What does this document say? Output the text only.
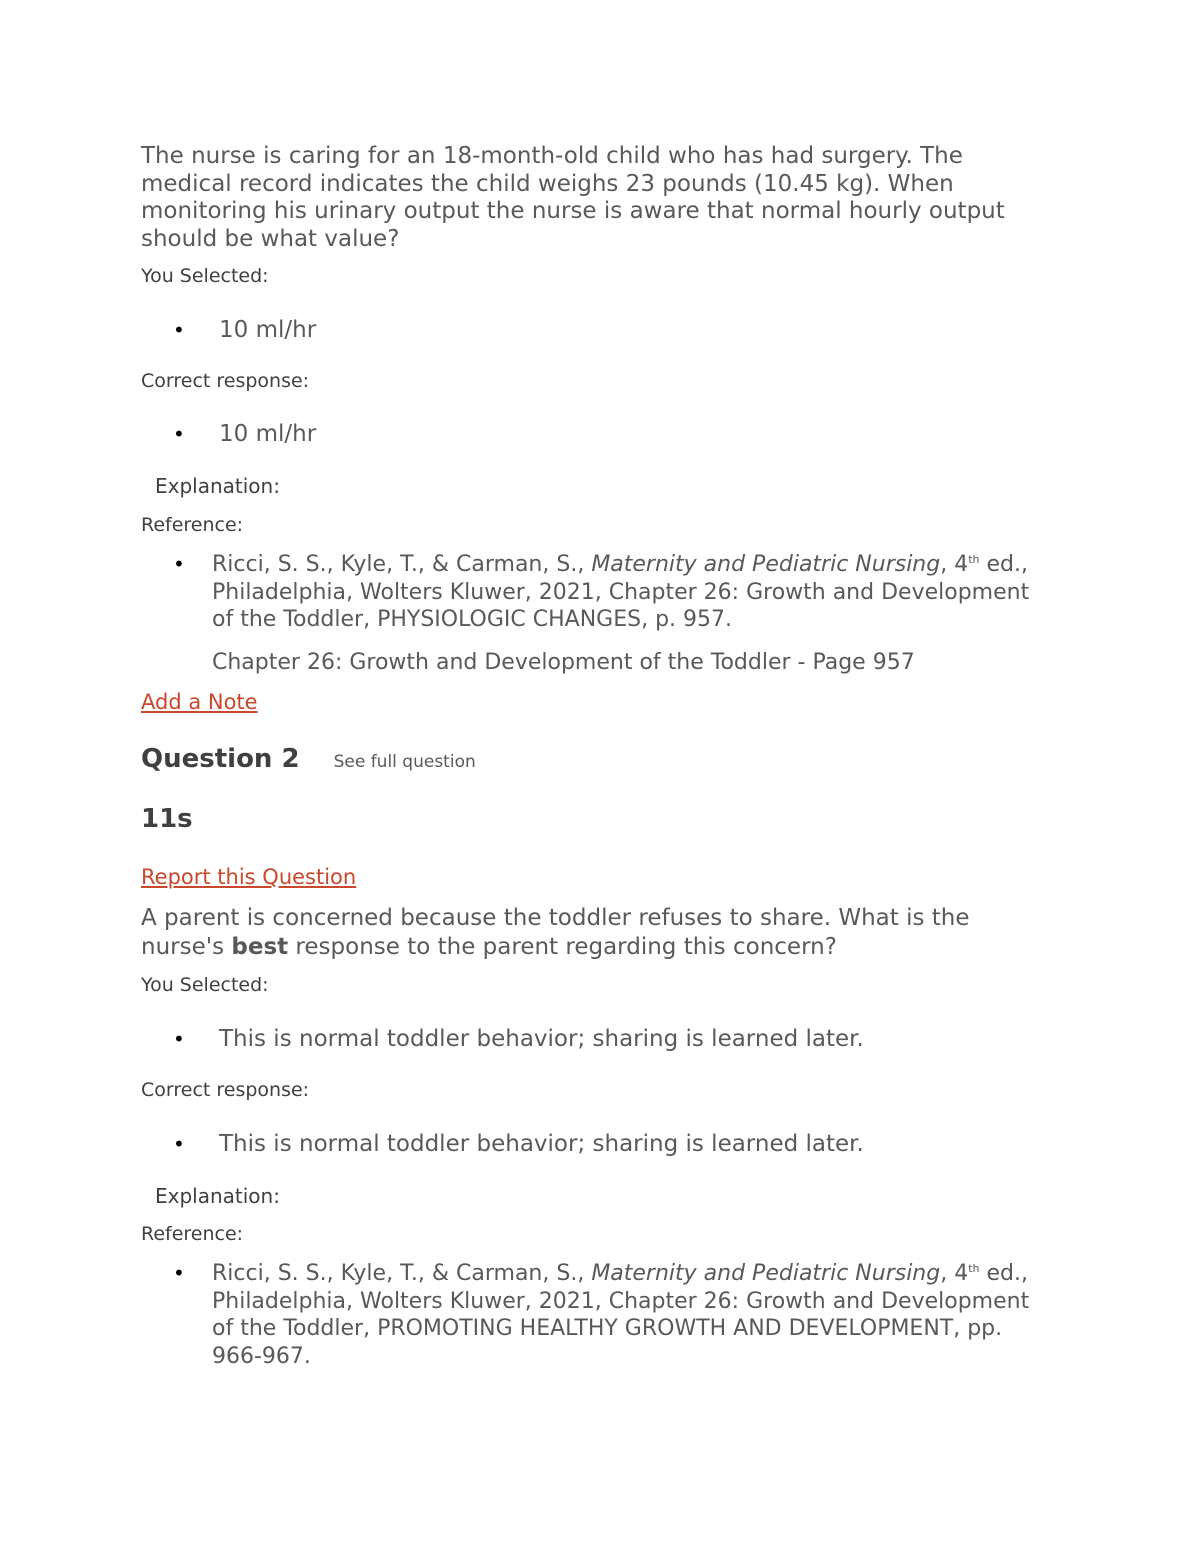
The nurse is caring for an 18-month-old child who has had surgery. The medical record indicates the child weighs 23 pounds (10.45 kg). When monitoring his urinary output the nurse is aware that normal hourly output should be what value?

You Selected:

• 10 ml/hr

Correct response:

• 10 ml/hr

Explanation:

Reference:

• Ricci, S. S., Kyle, T., & Carman, S., Maternity and Pediatric Nursing, 4th ed., Philadelphia, Wolters Kluwer, 2021, Chapter 26: Growth and Development of the Toddler, PHYSIOLOGIC CHANGES, p. 957.
Chapter 26: Growth and Development of the Toddler - Page 957
Add a Note
Question 2 See full question
11s
Report this Question

A parent is concerned because the toddler refuses to share. What is the nurse's best response to the parent regarding this concern?

You Selected:

• This is normal toddler behavior; sharing is learned later.

Correct response:

• This is normal toddler behavior; sharing is learned later.

Explanation:

Reference:

• Ricci, S. S., Kyle, T., & Carman, S., Maternity and Pediatric Nursing, 4th ed., Philadelphia, Wolters Kluwer, 2021, Chapter 26: Growth and Development of the Toddler, PROMOTING HEALTHY GROWTH AND DEVELOPMENT, pp. 966-967.
